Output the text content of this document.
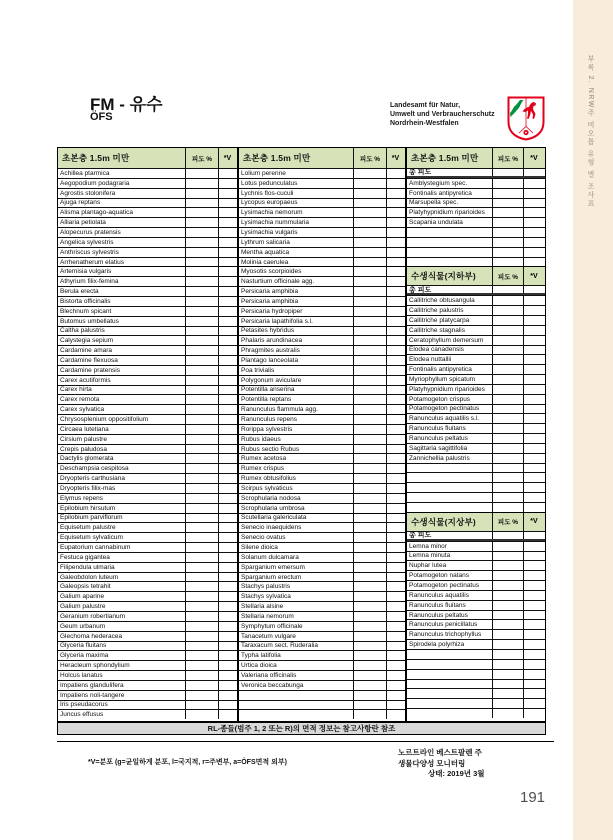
부록 2. NRW주 비오톱 유형 별 조사표
FM - 유수
ÖFS
Landesamt für Natur,
Umwelt und Verbraucherschutz
Nordrhein-Westfalen
초본층 1.5m 미만	피도 %	*V
Achillea ptarmica
Aegopodium podagraria
Agrostis stolonifera
Ajuga reptans
Alisma plantago-aquatica
Alliaria petiolata
Alopecurus pratensis
Angelica sylvestris
Anthriscus sylvestris
Arrhenatherum elatius
Artemisia vulgaris
Athyrium filix-femina
Berula erecta
Bistorta officinalis
Blechnum spicant
Butomus umbellatus
Caltha palustris
Calystegia sepium
Cardamine amara
Cardamine flexuosa
Cardamine pratensis
Carex acutiformis
Carex hirta
Carex remota
Carex sylvatica
Chrysosplenium oppositifolium
Circaea lutetiana
Cirsium palustre
Crepis paludosa
Dactylis glomerata
Deschampsia cespitosa
Dryopteris carthusiana
Dryopteris filix-mas
Elymus repens
Epilobium hirsutum
Epilobium parviflorum
Equisetum palustre
Equisetum sylvaticum
Eupatorium cannabinum
Festuca gigantea
Filipendula ulmaria
Galeobdolon luteum
Galeopsis tetrahit
Galium aparine
Galium palustre
Geranium robertianum
Geum urbanum
Glechoma hederacea
Glyceria fluitans
Glyceria maxima
Heracleum sphondylium
Holcus lanatus
Impatiens glandulifera
Impatiens noli-tangere
Iris pseudacorus
Juncus effusus
초본층 1.5m 미만	피도 %	*V
Lolium perenne
Lotus pedunculatus
Lychnis flos-cuculi
Lycopus europaeus
Lysimachia nemorum
Lysimachia nummularia
Lysimachia vulgaris
Lythrum salicaria
Mentha aquatica
Molinia caerulea
Myosotis scorpioides
Nasturtium officinale agg.
Persicaria amphibia
Persicaria amphibia
Persicaria hydropiper
Persicaria lapathifolia s.l.
Petasites hybridus
Phalaris arundinacea
Phragmites australis
Plantago lanceolata
Poa trivialis
Polygonum aviculare
Potentilla anserina
Potentilla reptans
Ranunculus flammula agg.
Ranunculus repens
Rorippa sylvestris
Rubus idaeus
Rubus sectio Rubus
Rumex acetosa
Rumex crispus
Rumex obtusifolius
Scirpus sylvaticus
Scrophularia nodosa
Scrophularia umbrosa
Scutellaria galericulata
Senecio inaequidens
Senecio ovatus
Silene dioica
Solanum dulcamara
Sparganium emersum
Sparganium erectum
Stachys palustris
Stachys sylvatica
Stellaria alsine
Stellaria nemorum
Symphytum officinale
Tanacetum vulgare
Taraxacum sect. Ruderalia
Typha latifolia
Urtica dioica
Valeriana officinalis
Veronica beccabunga
초본층 1.5m 미만	피도 %	*V
총 피도
Amblystegium spec.
Fontinalis antipyretica
Marsupella spec.
Platyhypnidium riparioides
Scapania undulata
수생식물(지하부)	피도 %	*V
총 피도
Callitriche obtusangula
Callitriche palustris
Callitriche platycarpa
Callitriche stagnalis
Ceratophyllum demersum
Elodea canadensis
Elodea nuttallii
Fontinalis antipyretica
Myriophyllum spicatum
Platyhypnidium riparioides
Potamogeton crispus
Potamogeton pectinatus
Ranunculus aquatilis s.l.
Ranunculus fluitans
Ranunculus peltatus
Sagittaria sagittifolia
Zannichellia palustris
수생식물(지상부)	피도 %	*V
총 피도
Lemna minor
Lemna minuta
Nuphar lutea
Potamogeton natans
Potamogeton pectinatus
Ranunculus aquatilis
Ranunculus fluitans
Ranunculus peltatus
Ranunculus penicillatus
Ranunculus trichophyllus
Spirodela polyrhiza
RL-종들(범주 1, 2 또는 R)의 면적 정보는 참고사항란 참조
*V=분포 (g=균일하게 분포, l=국지적, r=주변부, a=ÖFS면적 외부)
노르트라인 베스트팔렌 주
생물다양성 모니터링
상태: 2019년 3월
191
